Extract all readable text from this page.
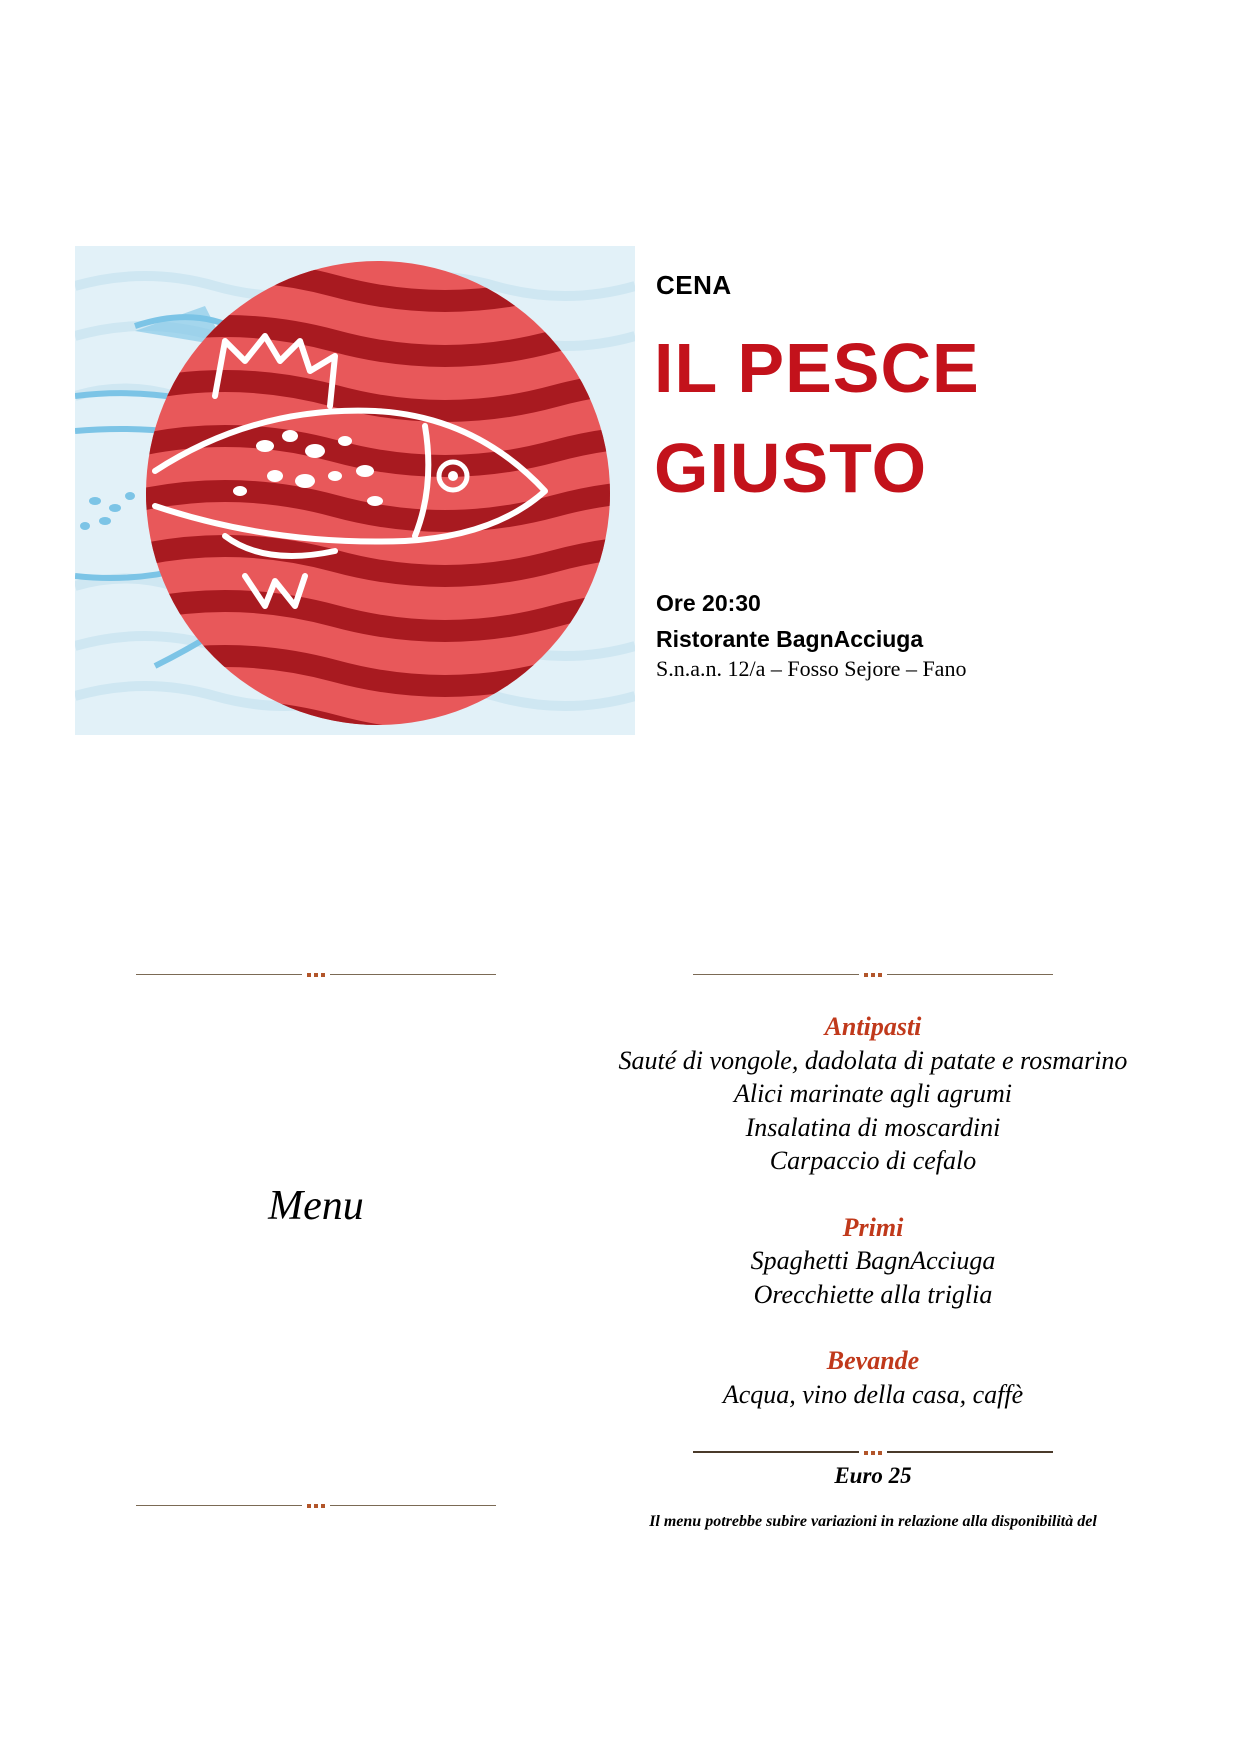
CENA
IL PESCE
GIUSTO
Ore 20:30
Ristorante BagnAcciuga
S.n.a.n. 12/a – Fosso Sejore – Fano
Menu
Antipasti
Sauté di vongole, dadolata di patate e rosmarino
Alici marinate agli agrumi
Insalatina di moscardini
Carpaccio di cefalo
Primi
Spaghetti BagnAcciuga
Orecchiette alla triglia
Bevande
Acqua, vino della casa, caffè
Euro 25
Il menu potrebbe subire variazioni in relazione alla disponibilità del
